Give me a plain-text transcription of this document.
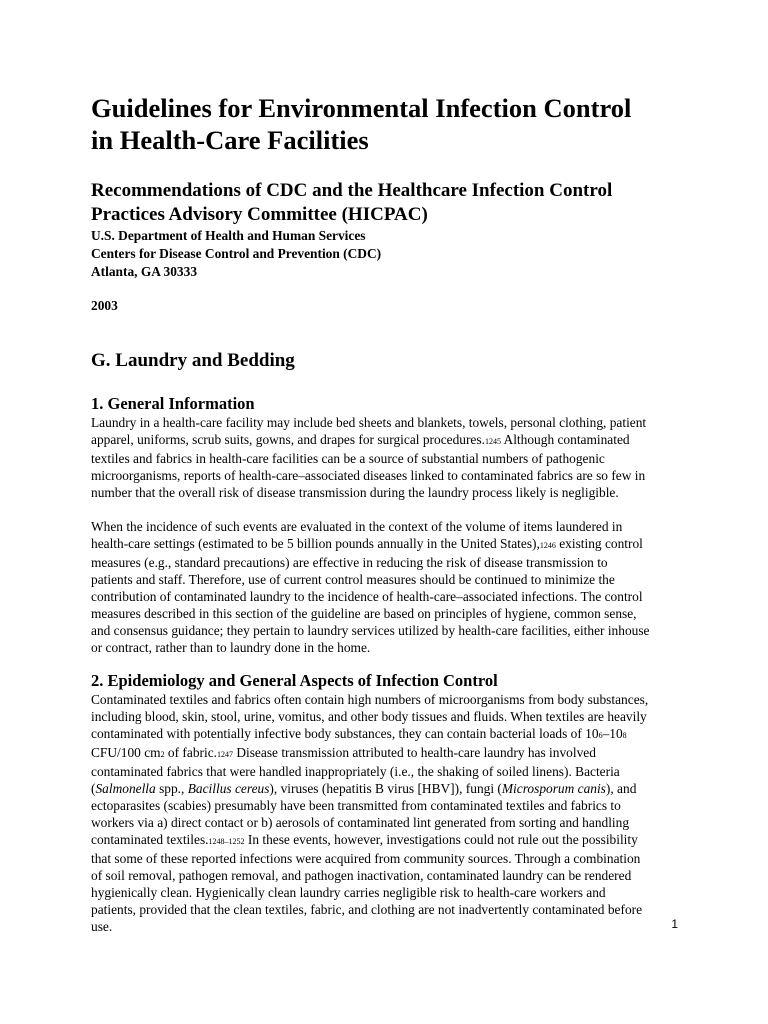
Guidelines for Environmental Infection Control
in Health-Care Facilities
Recommendations of CDC and the Healthcare Infection Control
Practices Advisory Committee (HICPAC)

U.S. Department of Health and Human Services

Centers for Disease Control and Prevention (CDC)

Atlanta, GA 30333

2003

G. Laundry and Bedding
1. General Information

Laundry in a health-care facility may include bed sheets and blankets, towels, personal clothing, patient
apparel, uniforms, scrub suits, gowns, and drapes for surgical procedures.1245 Although contaminated
textiles and fabrics in health-care facilities can be a source of substantial numbers of pathogenic
microorganisms, reports of health-care–associated diseases linked to contaminated fabrics are so few in
number that the overall risk of disease transmission during the laundry process likely is negligible.

When the incidence of such events are evaluated in the context of the volume of items laundered in
health-care settings (estimated to be 5 billion pounds annually in the United States),1246 existing control
measures (e.g., standard precautions) are effective in reducing the risk of disease transmission to
patients and staff. Therefore, use of current control measures should be continued to minimize the
contribution of contaminated laundry to the incidence of health-care–associated infections. The control
measures described in this section of the guideline are based on principles of hygiene, common sense,
and consensus guidance; they pertain to laundry services utilized by health-care facilities, either inhouse
or contract, rather than to laundry done in the home.

2. Epidemiology and General Aspects of Infection Control

Contaminated textiles and fabrics often contain high numbers of microorganisms from body substances,
including blood, skin, stool, urine, vomitus, and other body tissues and fluids. When textiles are heavily
contaminated with potentially infective body substances, they can contain bacterial loads of 106–108
CFU/100 cm2 of fabric.1247 Disease transmission attributed to health-care laundry has involved
contaminated fabrics that were handled inappropriately (i.e., the shaking of soiled linens). Bacteria
(Salmonella spp., Bacillus cereus), viruses (hepatitis B virus [HBV]), fungi (Microsporum canis), and
ectoparasites (scabies) presumably have been transmitted from contaminated textiles and fabrics to
workers via a) direct contact or b) aerosols of contaminated lint generated from sorting and handling
contaminated textiles.1248–1252 In these events, however, investigations could not rule out the possibility
that some of these reported infections were acquired from community sources. Through a combination
of soil removal, pathogen removal, and pathogen inactivation, contaminated laundry can be rendered
hygienically clean. Hygienically clean laundry carries negligible risk to health-care workers and
patients, provided that the clean textiles, fabric, and clothing are not inadvertently contaminated before
use.	1
